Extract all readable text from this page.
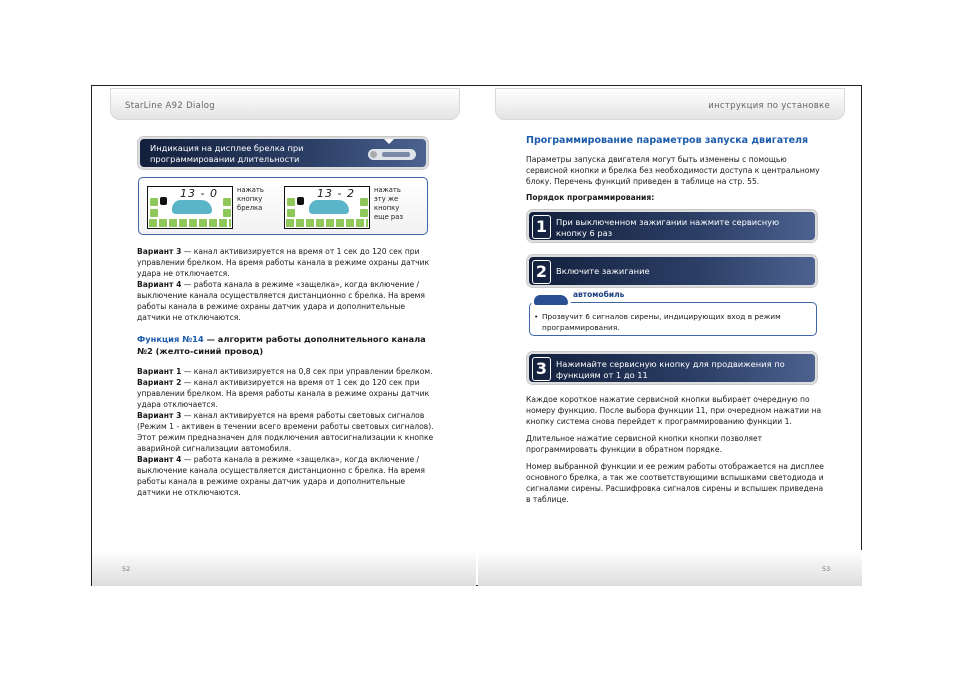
StarLine A92 Dialog
52
Индикация на дисплее брелка при программировании длительности
13 - 0	нажать
кнопку
брелка
13 - 2	нажать
эту же
кнопку
еще раз

Вариант 3 — канал активизируется на время от 1 сек до 120 сек при управлении брелком. На время работы канала в режиме охраны датчик удара не отключается.

Вариант 4 — работа канала в режиме «защелка», когда включение / выключение канала осуществляется дистанционно с брелка. На время работы канала в режиме охраны датчик удара и дополнительные датчики не отключаются.

Функция №14 — алгоритм работы дополнительного канала №2 (желто-синий провод)

Вариант 1 — канал активизируется на 0,8 сек при управлении брелком.

Вариант 2 — канал активизируется на время от 1 сек до 120 сек при управлении брелком. На время работы канала в режиме охраны датчик удара отключается.

Вариант 3 — канал активируется на время работы световых сигналов (Режим 1 - активен в течении всего времени работы световых сигналов). Этот режим предназначен для подключения автосигнализации к кнопке аварийной сигнализации автомобиля.

Вариант 4 — работа канала в режиме «защелка», когда включение / выключение канала осуществляется дистанционно с брелка. На время работы канала в режиме охраны датчик удара и дополнительные датчики не отключаются.

инструкция по установке
53
Программирование параметров запуска двигателя
Параметры запуска двигателя могут быть изменены с помощью сервисной кнопки и брелка без необходимости доступа к центральному блоку. Перечень функций приведен в таблице на стр. 55.
Порядок программирования:
1	При выключенном зажигании нажмите сервисную кнопку 6 раз
2	Включите зажигание
автомобиль
• Прозвучит 6 сигналов сирены, индицирующих вход в режим программирования.
3	Нажимайте сервисную кнопку для продвижения по функциям от 1 до 11

Каждое короткое нажатие сервисной кнопки выбирает очередную по номеру функцию. После выбора функции 11, при очередном нажатии на кнопку система снова перейдет к программированию функции 1.

Длительное нажатие сервисной кнопки кнопки позволяет программировать функции в обратном порядке.

Номер выбранной функции и ее режим работы отображается на дисплее основного брелка, а так же соответствующими вспышками светодиода и сигналами сирены. Расшифровка сигналов сирены и вспышек приведена в таблице.
